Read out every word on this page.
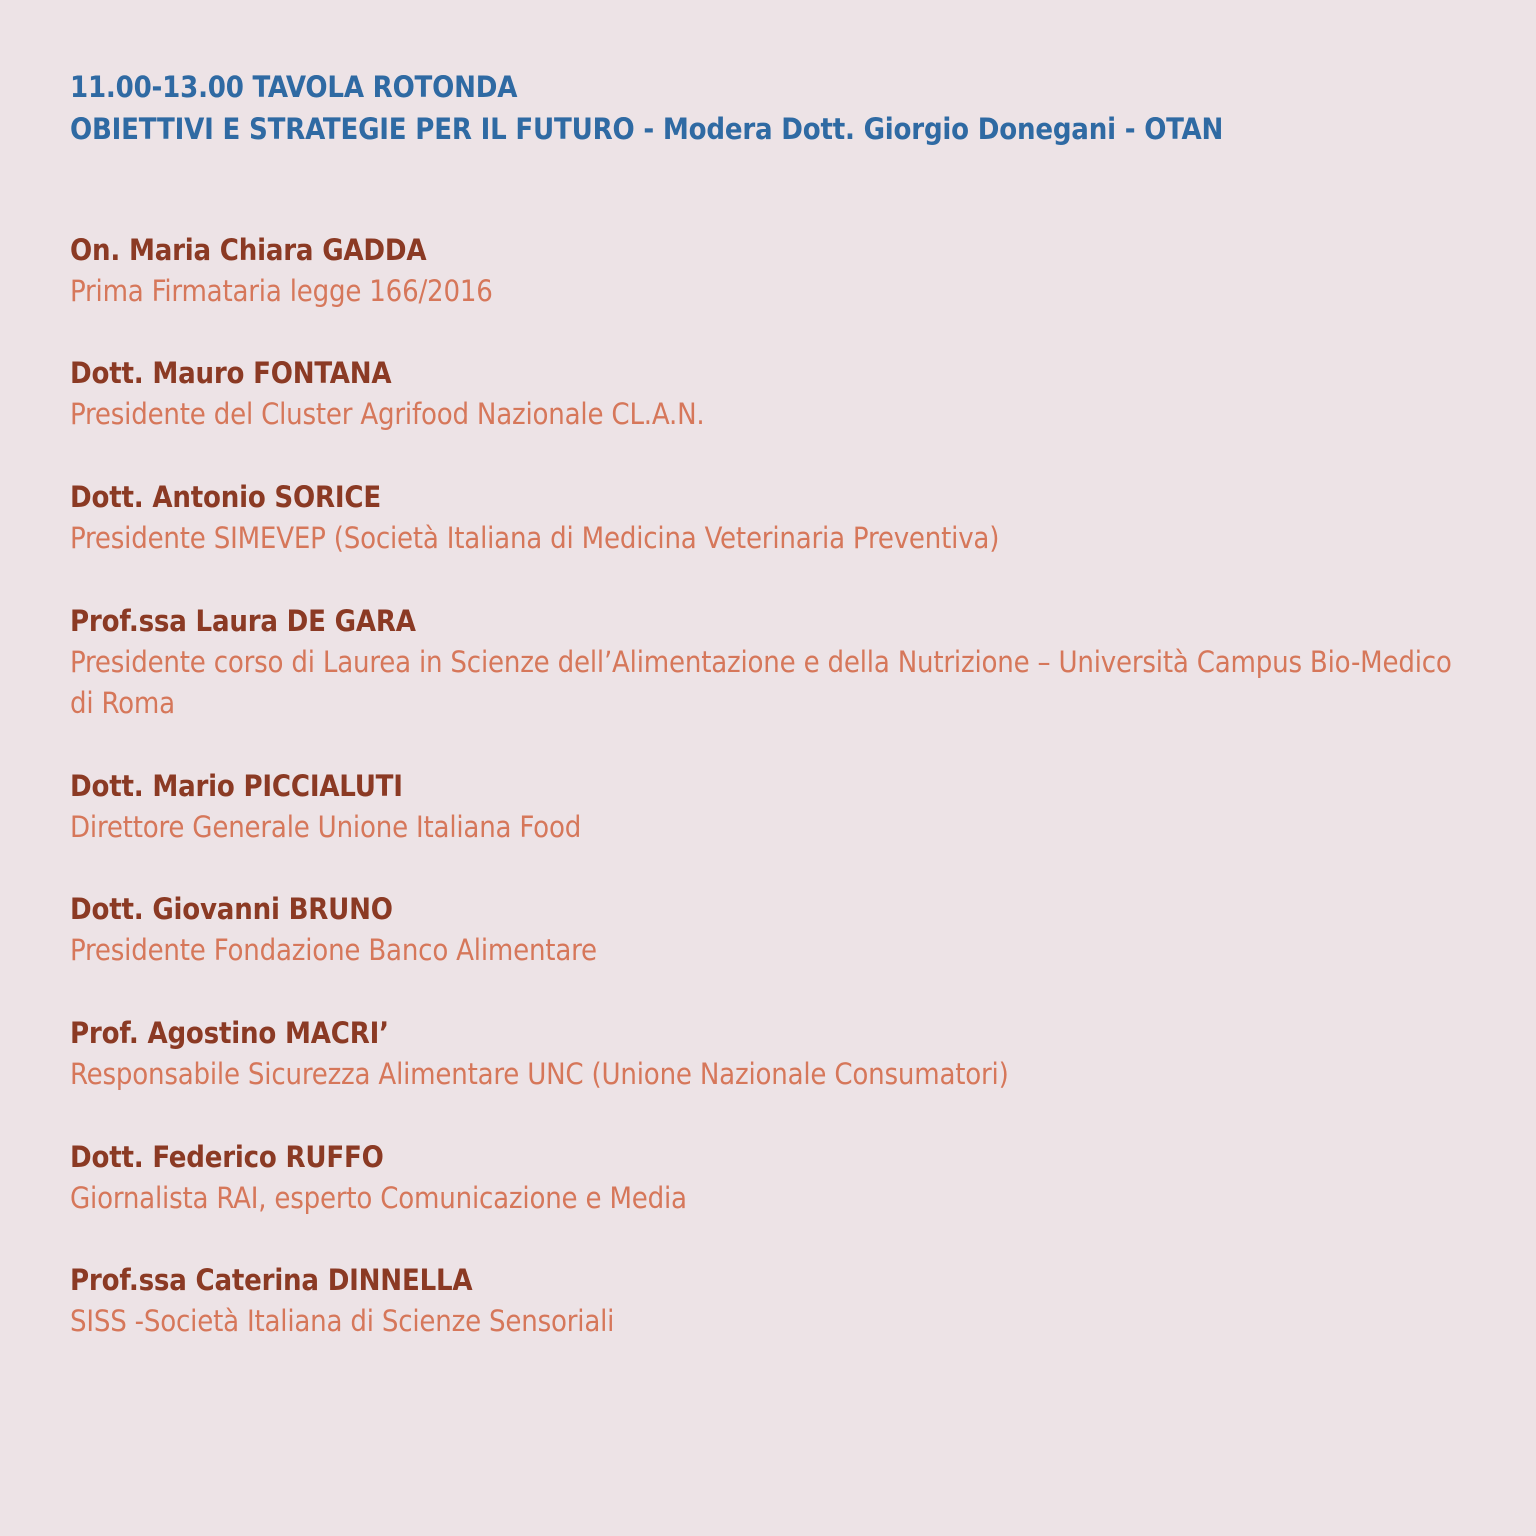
11.00-13.00 TAVOLA ROTONDA
OBIETTIVI E STRATEGIE PER IL FUTURO - Modera Dott. Giorgio Donegani - OTAN
On. Maria Chiara GADDA
Prima Firmataria legge 166/2016
Dott. Mauro FONTANA
Presidente del Cluster Agrifood Nazionale CL.A.N.
Dott. Antonio SORICE
Presidente SIMEVEP (Società Italiana di Medicina Veterinaria Preventiva)
Prof.ssa Laura DE GARA
Presidente corso di Laurea in Scienze dell’Alimentazione e della Nutrizione – Università Campus Bio-Medico di Roma
Dott. Mario PICCIALUTI
Direttore Generale Unione Italiana Food
Dott. Giovanni BRUNO
Presidente Fondazione Banco Alimentare
Prof. Agostino MACRI’
Responsabile Sicurezza Alimentare UNC (Unione Nazionale Consumatori)
Dott. Federico RUFFO
Giornalista RAI, esperto Comunicazione e Media
Prof.ssa Caterina DINNELLA
SISS -Società Italiana di Scienze Sensoriali
